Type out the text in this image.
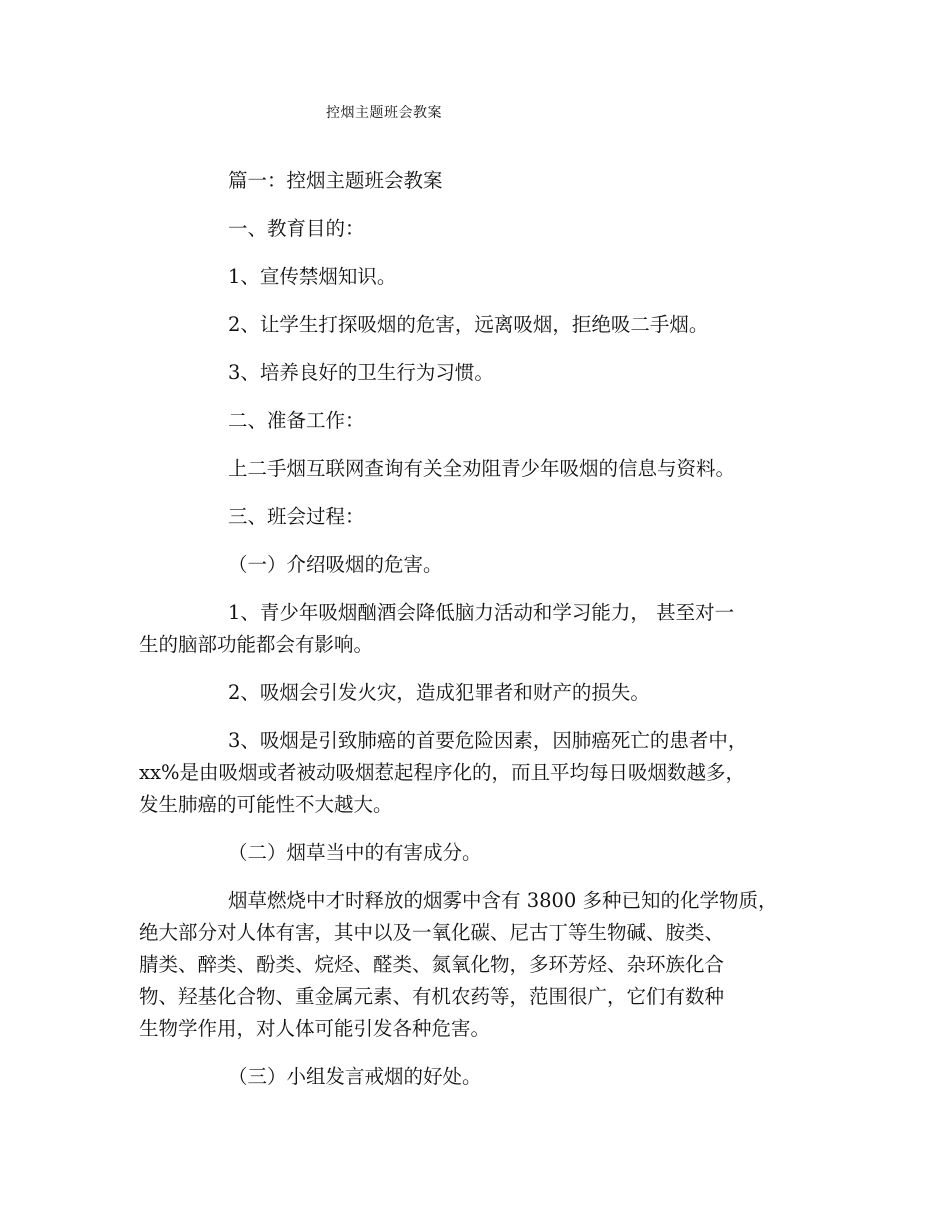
控烟主题班会教案
篇一：控烟主题班会教案
一、教育目的：
1、宣传禁烟知识。
2、让学生打探吸烟的危害，远离吸烟，拒绝吸二手烟。
3、培养良好的卫生行为习惯。
二、准备工作：
上二手烟互联网查询有关全劝阻青少年吸烟的信息与资料。
三、班会过程：
（一）介绍吸烟的危害。
1、青少年吸烟酗酒会降低脑力活动和学习能力， 甚至对一
生的脑部功能都会有影响。
2、吸烟会引发火灾，造成犯罪者和财产的损失。
3、吸烟是引致肺癌的首要危险因素，因肺癌死亡的患者中，
xx%是由吸烟或者被动吸烟惹起程序化的，而且平均每日吸烟数越多，
发生肺癌的可能性不大越大。
（二）烟草当中的有害成分。
烟草燃烧中才时释放的烟雾中含有 3800 多种已知的化学物质，
绝大部分对人体有害，其中以及一氧化碳、尼古丁等生物碱、胺类、
腈类、醉类、酚类、烷烃、醛类、氮氧化物，多环芳烃、杂环族化合
物、羟基化合物、重金属元素、有机农药等，范围很广，它们有数种
生物学作用，对人体可能引发各种危害。
（三）小组发言戒烟的好处。
